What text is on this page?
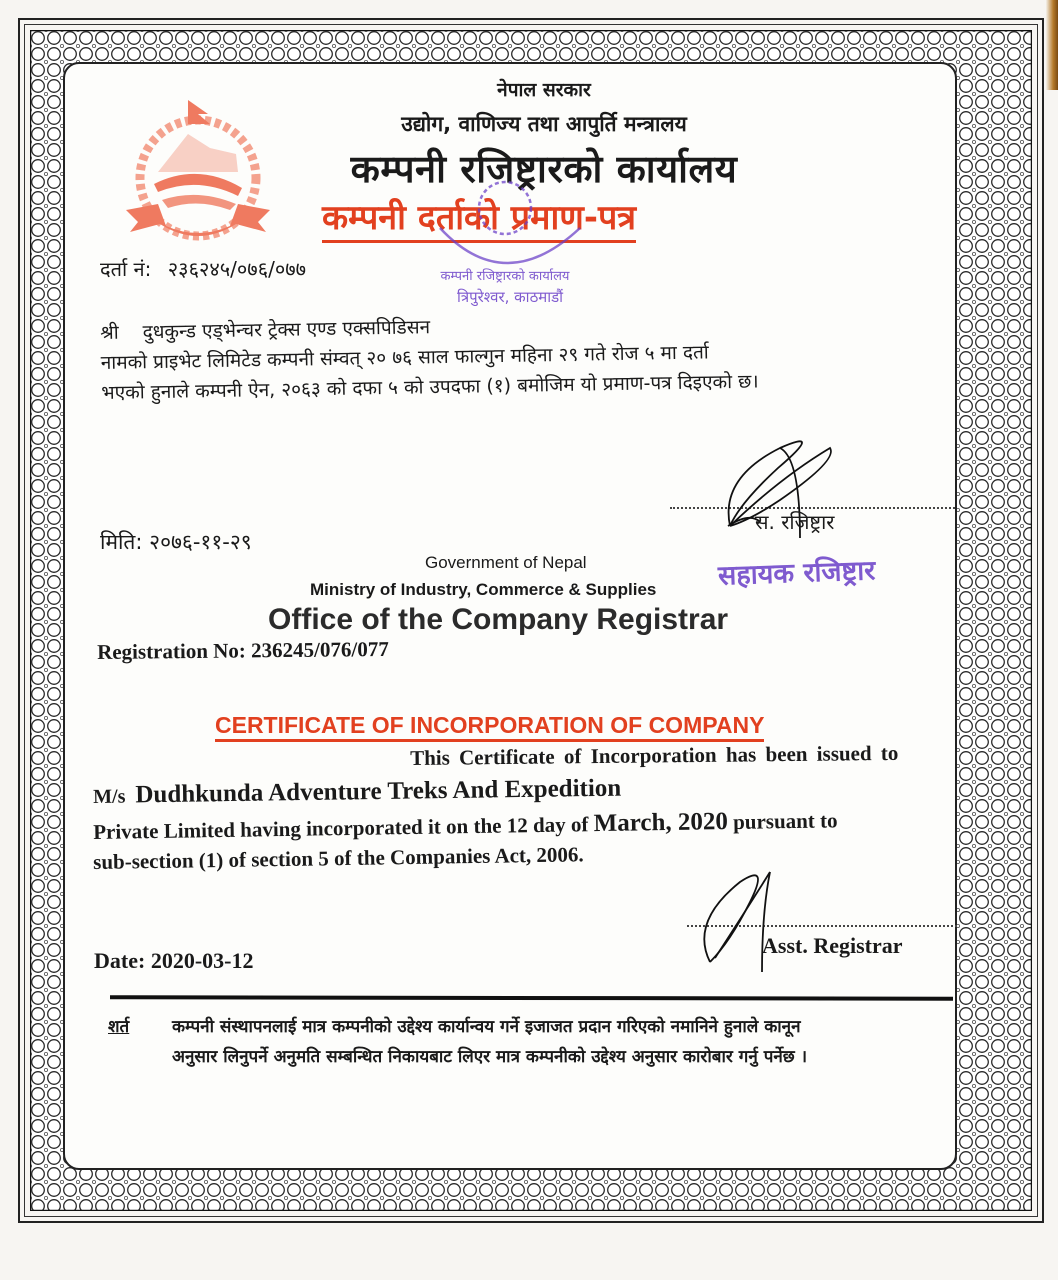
नेपाल सरकार
उद्योग, वाणिज्य तथा आपुर्ति मन्त्रालय
कम्पनी रजिष्ट्रारको कार्यालय
कम्पनी दर्ताको प्रमाण-पत्र
दर्ता नं: २३६२४५/०७६/०७७	कम्पनी रजिष्ट्रारको कार्यालय
त्रिपुरेश्वर, काठमाडौं

श्री दुधकुन्ड एड्भेन्चर ट्रेक्स एण्ड एक्सपिडिसन

नामको प्राइभेट लिमिटेड कम्पनी संम्वत् २० ७६ साल फाल्गुन महिना २९ गते रोज ५ मा दर्ता

भएको हुनाले कम्पनी ऐन, २०६३ को दफा ५ को उपदफा (१) बमोजिम यो प्रमाण-पत्र दिइएको छ।

स. रजिष्ट्रार
मिति: २०७६-११-२९
सहायक रजिष्ट्रार
Government of Nepal
Ministry of Industry, Commerce & Supplies
Office of the Company Registrar
Registration No: 236245/076/077
CERTIFICATE OF INCORPORATION OF COMPANY
This Certificate of Incorporation has been issued to
M/s Dudhkunda Adventure Treks And Expedition
Private Limited having incorporated it on the 12 day of March, 2020 pursuant to
sub-section (1) of section 5 of the Companies Act, 2006.
Asst. Registrar
Date: 2020-03-12
शर्त	कम्पनी संस्थापनलाई मात्र कम्पनीको उद्देश्य कार्यान्वय गर्ने इजाजत प्रदान गरिएको नमानिने हुनाले कानून
अनुसार लिनुपर्ने अनुमति सम्बन्धित निकायबाट लिएर मात्र कम्पनीको उद्देश्य अनुसार कारोबार गर्नु पर्नेछ ।
